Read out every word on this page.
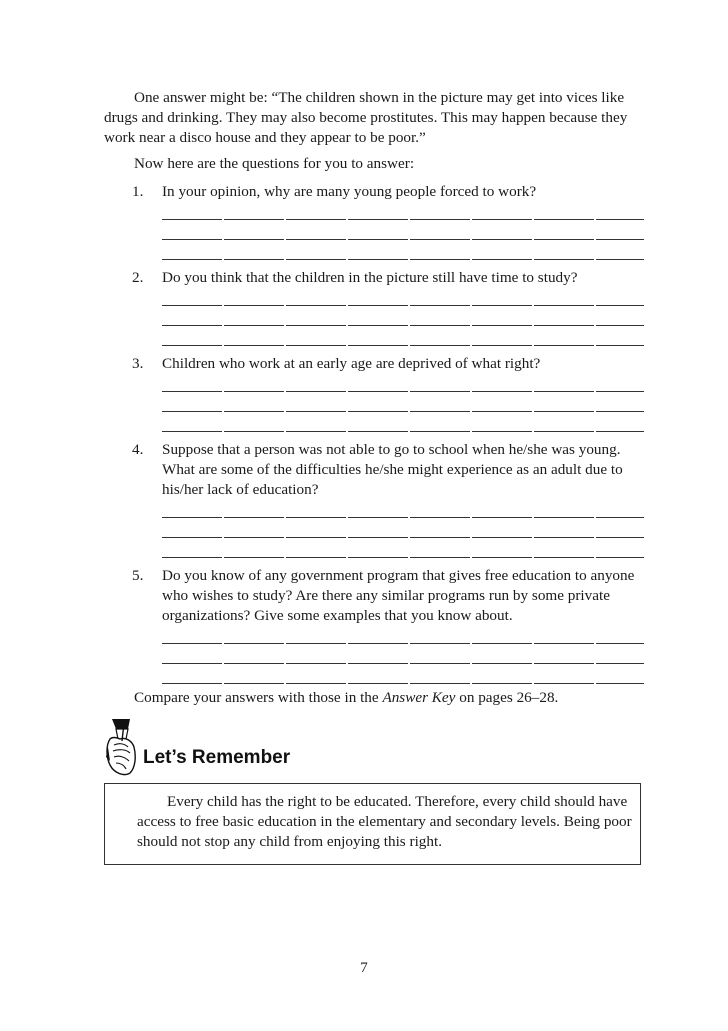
One answer might be: “The children shown in the picture may get into vices like drugs and drinking. They may also become prostitutes. This may happen because they work near a disco house and they appear to be poor.”
Now here are the questions for you to answer:
1.	In your opinion, why are many young people forced to work?
2.	Do you think that the children in the picture still have time to study?
3.	Children who work at an early age are deprived of what right?
4.	Suppose that a person was not able to go to school when he/she was young. What are some of the difficulties he/she might experience as an adult due to his/her lack of education?
5.	Do you know of any government program that gives free education to anyone who wishes to study? Are there any similar programs run by some private organizations? Give some examples that you know about.
Compare your answers with those in the Answer Key on pages 26–28.
Let’s Remember

Every child has the right to be educated. Therefore, every child should have access to free basic education in the elementary and secondary levels. Being poor should not stop any child from enjoying this right.

7
